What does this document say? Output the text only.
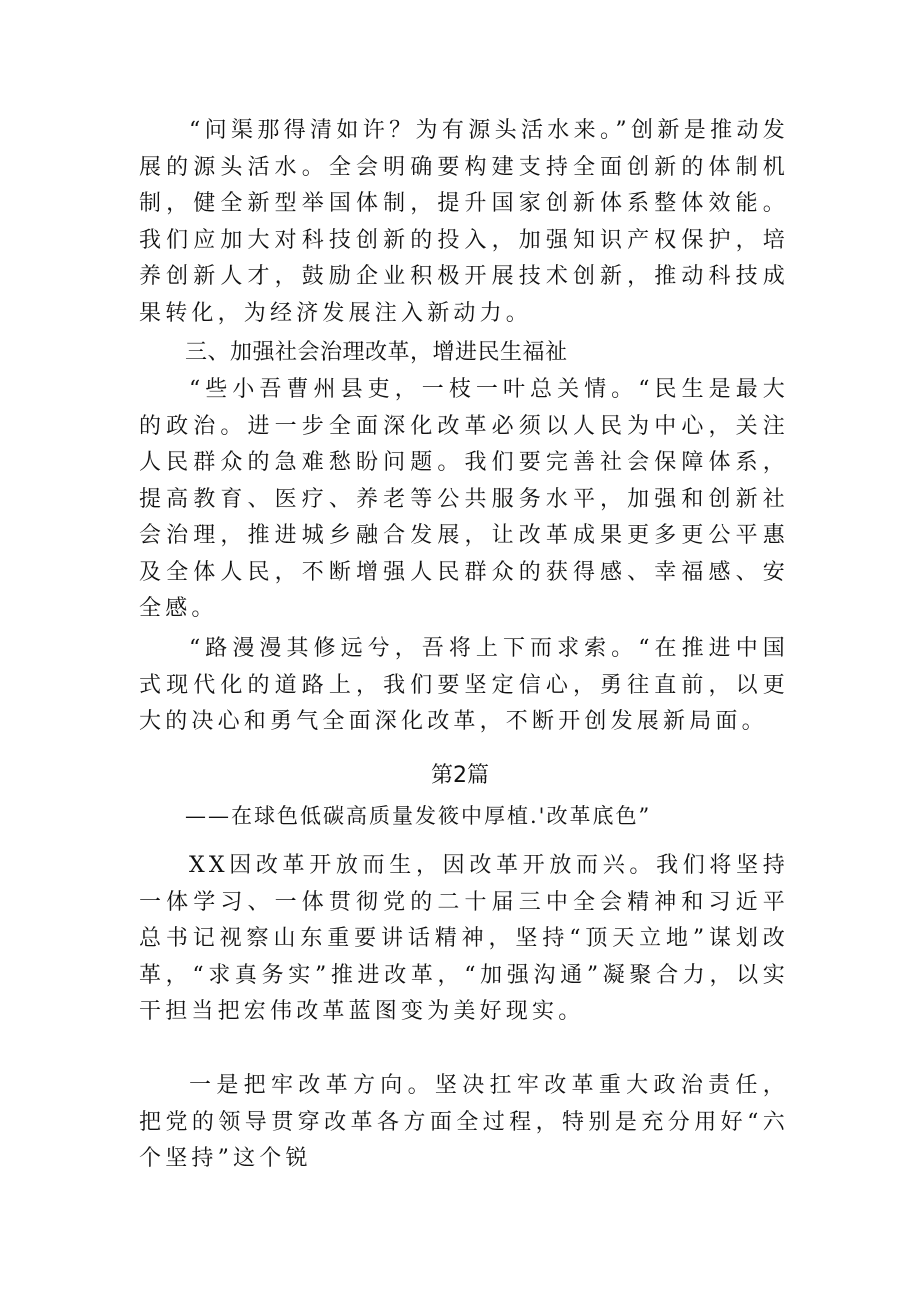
“问渠那得清如许？为有源头活水来。”创新是推动发展的源头活水。全会明确要构建支持全面创新的体制机制，健全新型举国体制，提升国家创新体系整体效能。我们应加大对科技创新的投入，加强知识产权保护，培养创新人才，鼓励企业积极开展技术创新，推动科技成果转化，为经济发展注入新动力。

三、加强社会治理改革，增进民生福祉

“些小吾曹州县吏，一枝一叶总关情。“民生是最大的政治。进一步全面深化改革必须以人民为中心，关注人民群众的急难愁盼问题。我们要完善社会保障体系，提高教育、医疗、养老等公共服务水平，加强和创新社会治理，推进城乡融合发展，让改革成果更多更公平惠及全体人民，不断增强人民群众的获得感、幸福感、安全感。

“路漫漫其修远兮，吾将上下而求索。“在推进中国式现代化的道路上，我们要坚定信心，勇往直前，以更大的决心和勇气全面深化改革，不断开创发展新局面。

第2篇

——在球色低碳高质量发筱中厚植.'改革底色”

XX因改革开放而生，因改革开放而兴。我们将坚持一体学习、一体贯彻党的二十届三中全会精神和习近平总书记视察山东重要讲话精神，坚持“顶天立地”谋划改革，“求真务实”推进改革，“加强沟通”凝聚合力，以实干担当把宏伟改革蓝图变为美好现实。

一是把牢改革方向。坚决扛牢改革重大政治责任，把党的领导贯穿改革各方面全过程，特别是充分用好“六个坚持”这个锐
